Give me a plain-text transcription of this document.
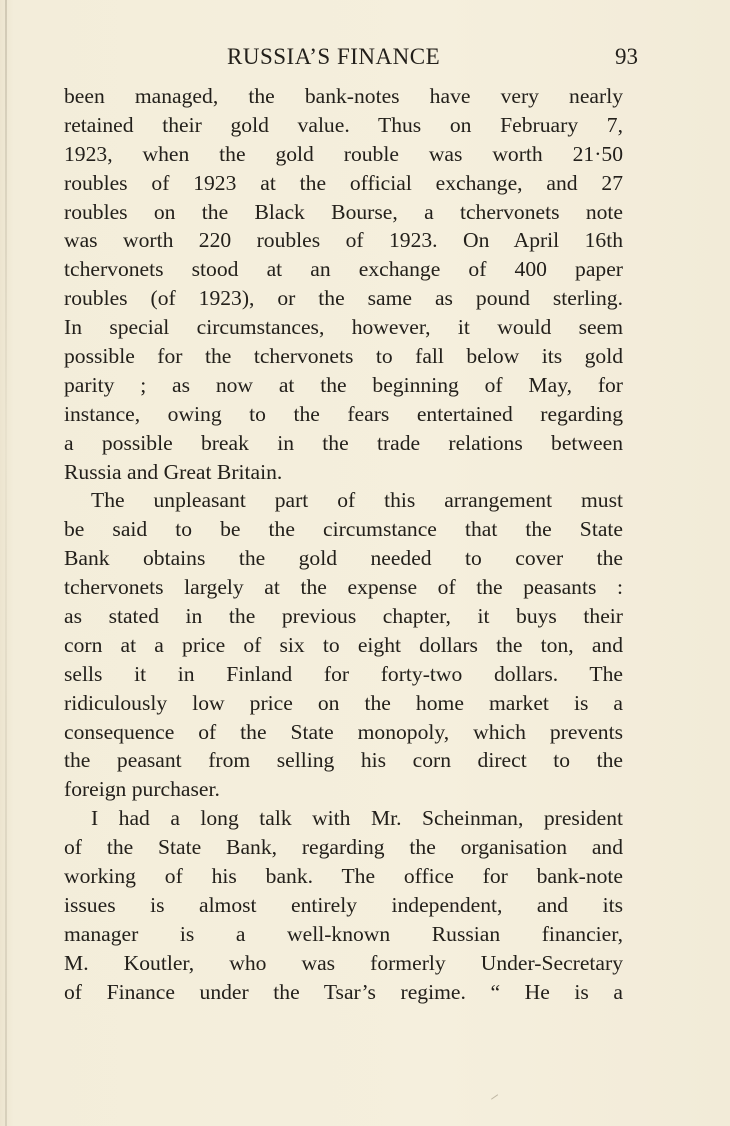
RUSSIA’S FINANCE	93
been managed, the bank-notes have very nearly
retained their gold value. Thus on February 7,
1923, when the gold rouble was worth 21·50
roubles of 1923 at the official exchange, and 27
roubles on the Black Bourse, a tchervonets note
was worth 220 roubles of 1923. On April 16th
tchervonets stood at an exchange of 400 paper
roubles (of 1923), or the same as pound sterling.
In special circumstances, however, it would seem
possible for the tchervonets to fall below its gold
parity ; as now at the beginning of May, for
instance, owing to the fears entertained regarding
a possible break in the trade relations between
Russia and Great Britain.
The unpleasant part of this arrangement must
be said to be the circumstance that the State
Bank obtains the gold needed to cover the
tchervonets largely at the expense of the peasants :
as stated in the previous chapter, it buys their
corn at a price of six to eight dollars the ton, and
sells it in Finland for forty-two dollars. The
ridiculously low price on the home market is a
consequence of the State monopoly, which prevents
the peasant from selling his corn direct to the
foreign purchaser.
I had a long talk with Mr. Scheinman, president
of the State Bank, regarding the organisation and
working of his bank. The office for bank-note
issues is almost entirely independent, and its
manager is a well-known Russian financier,
M. Koutler, who was formerly Under-Secretary
of Finance under the Tsar’s regime. “ He is a
